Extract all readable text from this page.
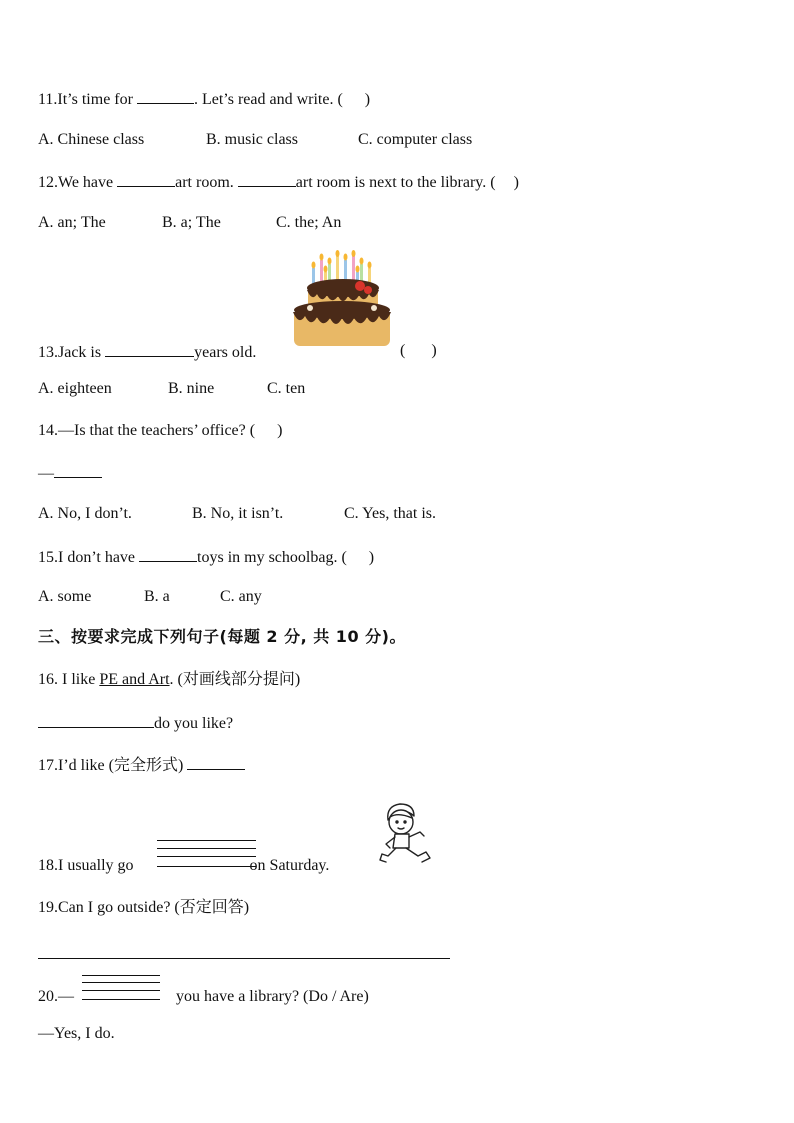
11.It’s time for	. Let’s read and write. ( )
A. Chinese class	B. music class	C. computer class
12.We have	art room.	art room is next to the library. ( )
A. an; The	B. a; The	C. the; An
13.Jack is	years old.	( )
A. eighteen	B. nine	C. ten
14.—Is that the teachers’ office? ( )
—
A. No, I don’t.	B. No, it isn’t.	C. Yes, that is.
15.I don’t have	toys in my schoolbag. ( )
A. some	B. a	C. any
三、按要求完成下列句子(每题 2 分, 共 10 分)。
16. I like PE and Art. (对画线部分提问)
do you like?
17.I’d like (完全形式)
18.I usually go	on Saturday.
19.Can I go outside? (否定回答)
20.—	you have a library? (Do / Are)
—Yes, I do.
